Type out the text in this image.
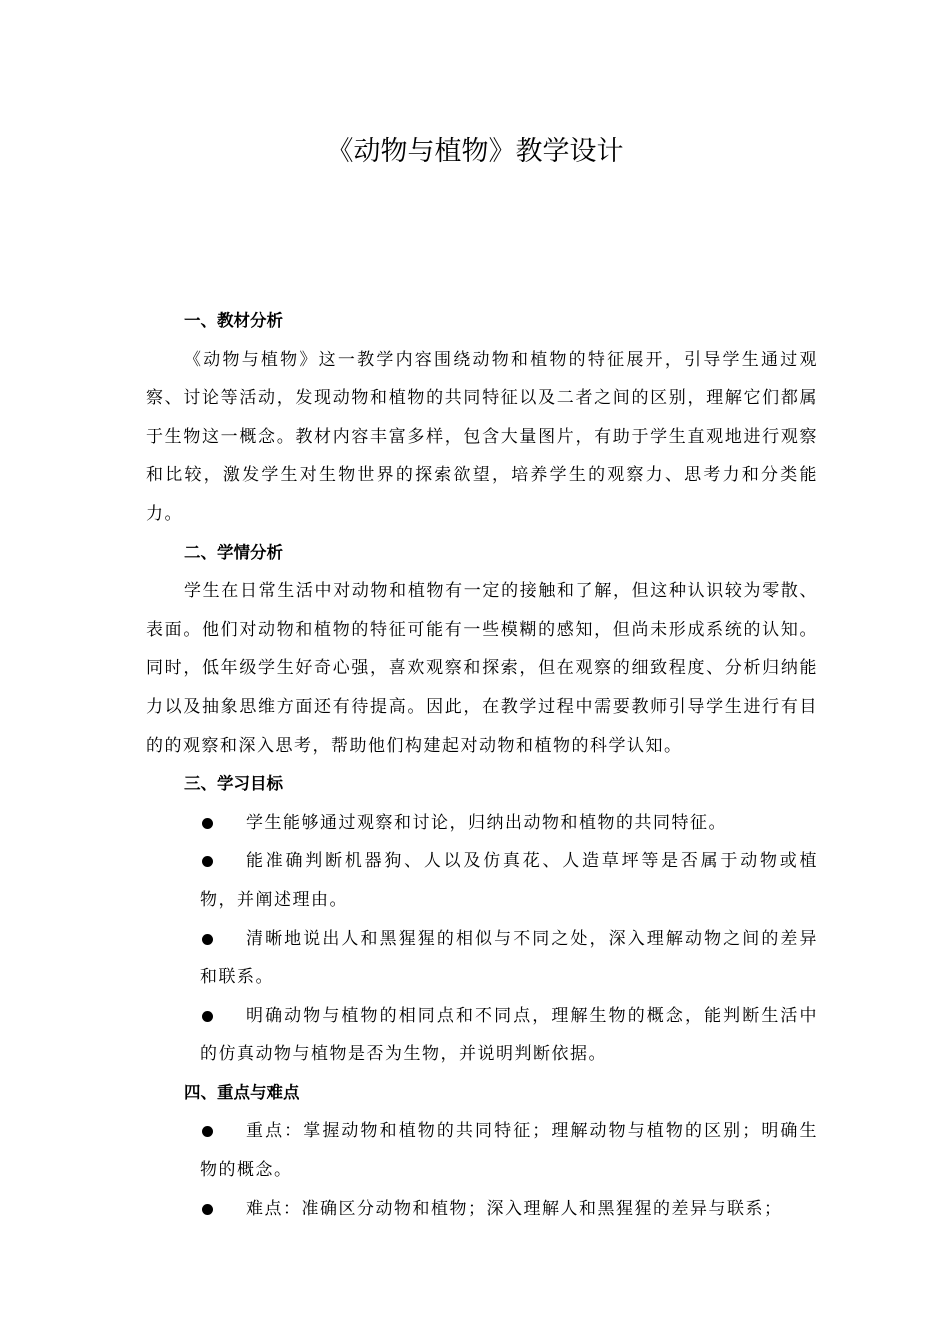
《动物与植物》教学设计
一、教材分析

《动物与植物》这一教学内容围绕动物和植物的特征展开，引导学生通过观察、讨论等活动，发现动物和植物的共同特征以及二者之间的区别，理解它们都属于生物这一概念。教材内容丰富多样，包含大量图片，有助于学生直观地进行观察和比较，激发学生对生物世界的探索欲望，培养学生的观察力、思考力和分类能力。

二、学情分析

学生在日常生活中对动物和植物有一定的接触和了解，但这种认识较为零散、表面。他们对动物和植物的特征可能有一些模糊的感知，但尚未形成系统的认知。同时，低年级学生好奇心强，喜欢观察和探索，但在观察的细致程度、分析归纳能力以及抽象思维方面还有待提高。因此，在教学过程中需要教师引导学生进行有目的的观察和深入思考，帮助他们构建起对动物和植物的科学认知。

三、学习目标
学生能够通过观察和讨论，归纳出动物和植物的共同特征。
能准确判断机器狗、人以及仿真花、人造草坪等是否属于动物或植物，并阐述理由。
清晰地说出人和黑猩猩的相似与不同之处，深入理解动物之间的差异和联系。
明确动物与植物的相同点和不同点，理解生物的概念，能判断生活中的仿真动物与植物是否为生物，并说明判断依据。
四、重点与难点
重点：掌握动物和植物的共同特征；理解动物与植物的区别；明确生物的概念。
难点：准确区分动物和植物；深入理解人和黑猩猩的差异与联系；
